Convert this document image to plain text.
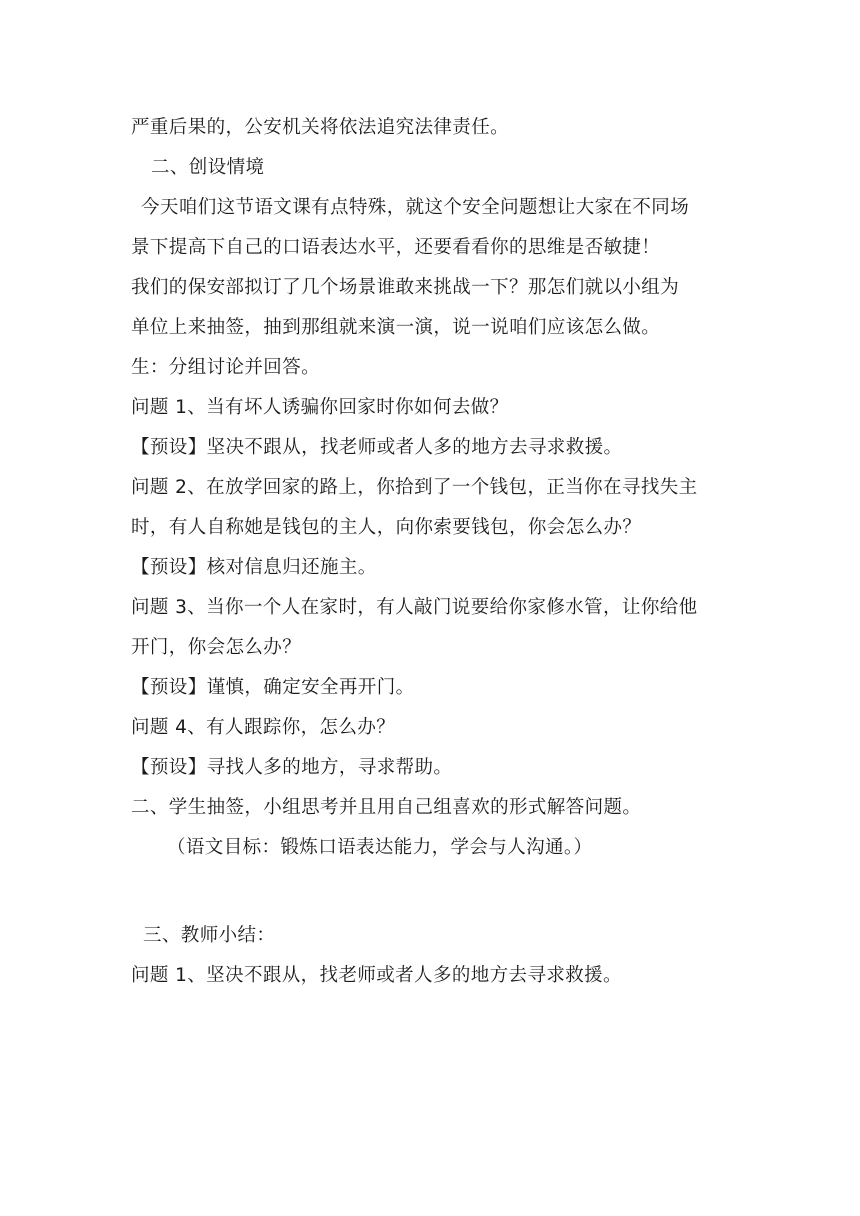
严重后果的，公安机关将依法追究法律责任。
二、创设情境
今天咱们这节语文课有点特殊，就这个安全问题想让大家在不同场
景下提高下自己的口语表达水平，还要看看你的思维是否敏捷！
我们的保安部拟订了几个场景谁敢来挑战一下？那怎们就以小组为
单位上来抽签，抽到那组就来演一演，说一说咱们应该怎么做。
生：分组讨论并回答。
问题 1、当有坏人诱骗你回家时你如何去做？
【预设】坚决不跟从，找老师或者人多的地方去寻求救援。
问题 2、在放学回家的路上，你拾到了一个钱包，正当你在寻找失主
时，有人自称她是钱包的主人，向你索要钱包，你会怎么办？
【预设】核对信息归还施主。
问题 3、当你一个人在家时，有人敲门说要给你家修水管，让你给他
开门，你会怎么办？
【预设】谨慎，确定安全再开门。
问题 4、有人跟踪你，怎么办？
【预设】寻找人多的地方，寻求帮助。
二、学生抽签，小组思考并且用自己组喜欢的形式解答问题。
（语文目标：锻炼口语表达能力，学会与人沟通。）
三、教师小结：
问题 1、坚决不跟从，找老师或者人多的地方去寻求救援。
